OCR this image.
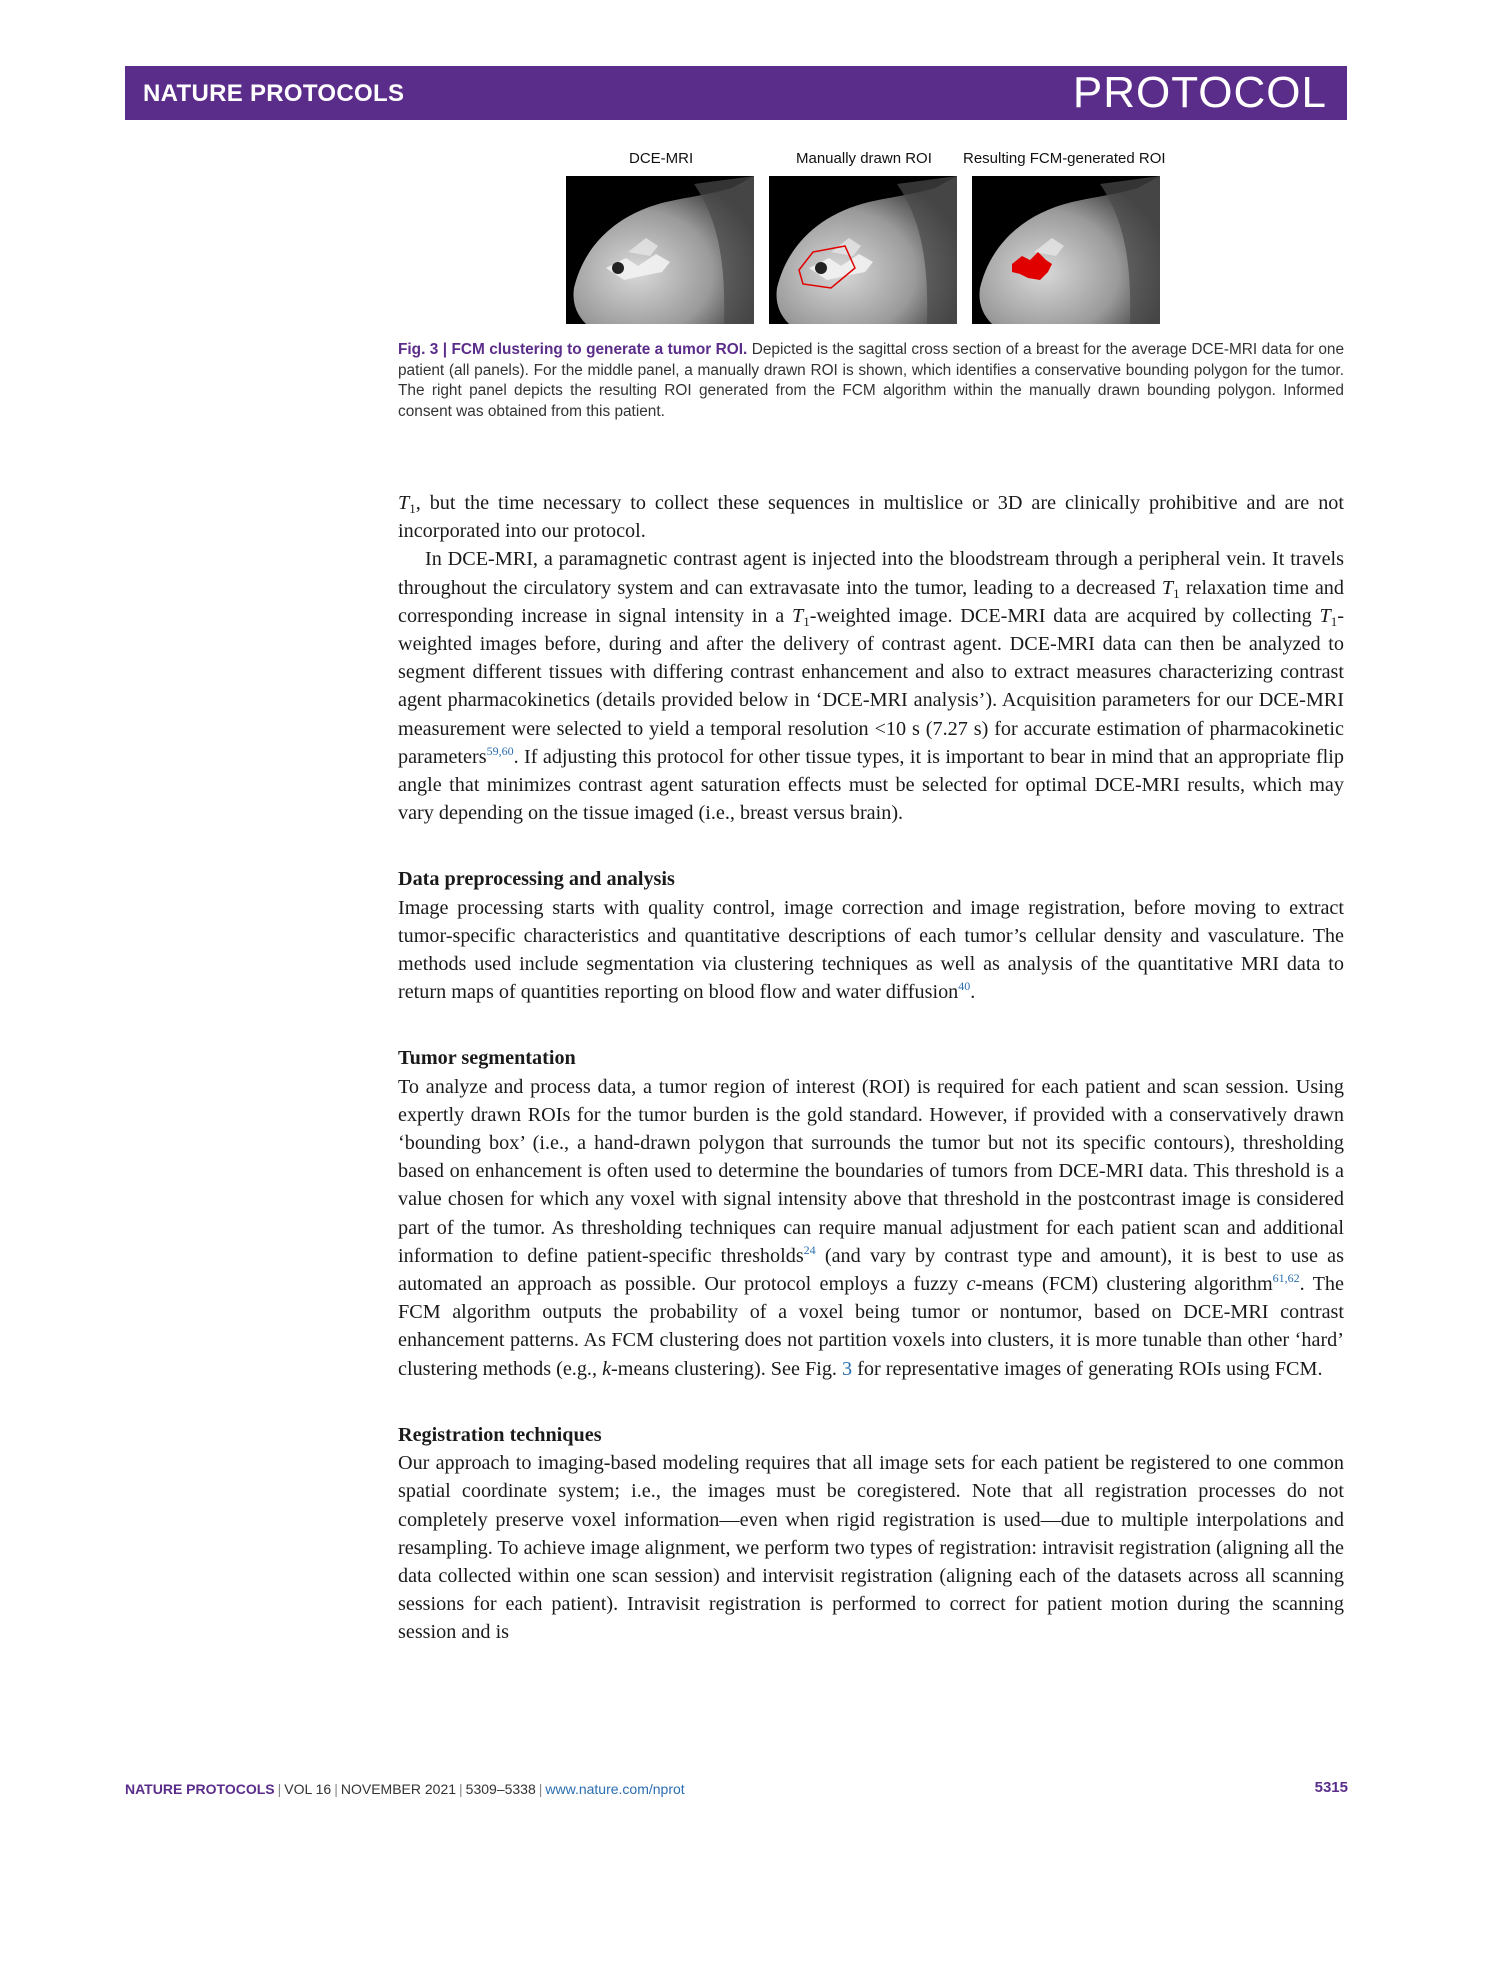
NATURE PROTOCOLS	PROTOCOL
DCE-MRI	Manually drawn ROI Resulting FCM-generated ROI
Fig. 3 | FCM clustering to generate a tumor ROI. Depicted is the sagittal cross section of a breast for the average DCE-MRI data for one patient (all panels). For the middle panel, a manually drawn ROI is shown, which identifies a conservative bounding polygon for the tumor. The right panel depicts the resulting ROI generated from the FCM algorithm within the manually drawn bounding polygon. Informed consent was obtained from this patient.

$T_1$, but the time necessary to collect these sequences in multislice or 3D are clinically prohibitive and are not incorporated into our protocol.

In DCE-MRI, a paramagnetic contrast agent is injected into the bloodstream through a peripheral vein. It travels throughout the circulatory system and can extravasate into the tumor, leading to a decreased $T_1$ relaxation time and corresponding increase in signal intensity in a $T_1$-weighted image. DCE-MRI data are acquired by collecting $T_1$-weighted images before, during and after the delivery of contrast agent. DCE-MRI data can then be analyzed to segment different tissues with differing contrast enhancement and also to extract measures characterizing contrast agent pharmacokinetics (details provided below in ‘DCE-MRI analysis’). Acquisition parameters for our DCE-MRI measurement were selected to yield a temporal resolution <10 s (7.27 s) for accurate estimation of pharmacokinetic parameters$^{59,60}$. If adjusting this protocol for other tissue types, it is important to bear in mind that an appropriate flip angle that minimizes contrast agent saturation effects must be selected for optimal DCE-MRI results, which may vary depending on the tissue imaged (i.e., breast versus brain).

Data preprocessing and analysis

Image processing starts with quality control, image correction and image registration, before moving to extract tumor-specific characteristics and quantitative descriptions of each tumor’s cellular density and vasculature. The methods used include segmentation via clustering techniques as well as analysis of the quantitative MRI data to return maps of quantities reporting on blood flow and water diffusion$^{40}$.

Tumor segmentation

To analyze and process data, a tumor region of interest (ROI) is required for each patient and scan session. Using expertly drawn ROIs for the tumor burden is the gold standard. However, if provided with a conservatively drawn ‘bounding box’ (i.e., a hand-drawn polygon that surrounds the tumor but not its specific contours), thresholding based on enhancement is often used to determine the boundaries of tumors from DCE-MRI data. This threshold is a value chosen for which any voxel with signal intensity above that threshold in the postcontrast image is considered part of the tumor. As thresholding techniques can require manual adjustment for each patient scan and additional information to define patient-specific thresholds$^{24}$ (and vary by contrast type and amount), it is best to use as automated an approach as possible. Our protocol employs a fuzzy c-means (FCM) clustering algorithm$^{61,62}$. The FCM algorithm outputs the probability of a voxel being tumor or nontumor, based on DCE-MRI contrast enhancement patterns. As FCM clustering does not partition voxels into clusters, it is more tunable than other ‘hard’ clustering methods (e.g., k-means clustering). See Fig. 3 for representative images of generating ROIs using FCM.

Registration techniques

Our approach to imaging-based modeling requires that all image sets for each patient be registered to one common spatial coordinate system; i.e., the images must be coregistered. Note that all registration processes do not completely preserve voxel information—even when rigid registration is used—due to multiple interpolations and resampling. To achieve image alignment, we perform two types of registration: intravisit registration (aligning all the data collected within one scan session) and intervisit registration (aligning each of the datasets across all scanning sessions for each patient). Intravisit registration is performed to correct for patient motion during the scanning session and is

NATURE PROTOCOLS | VOL 16 | NOVEMBER 2021 | 5309–5338 | www.nature.com/nprot	5315
